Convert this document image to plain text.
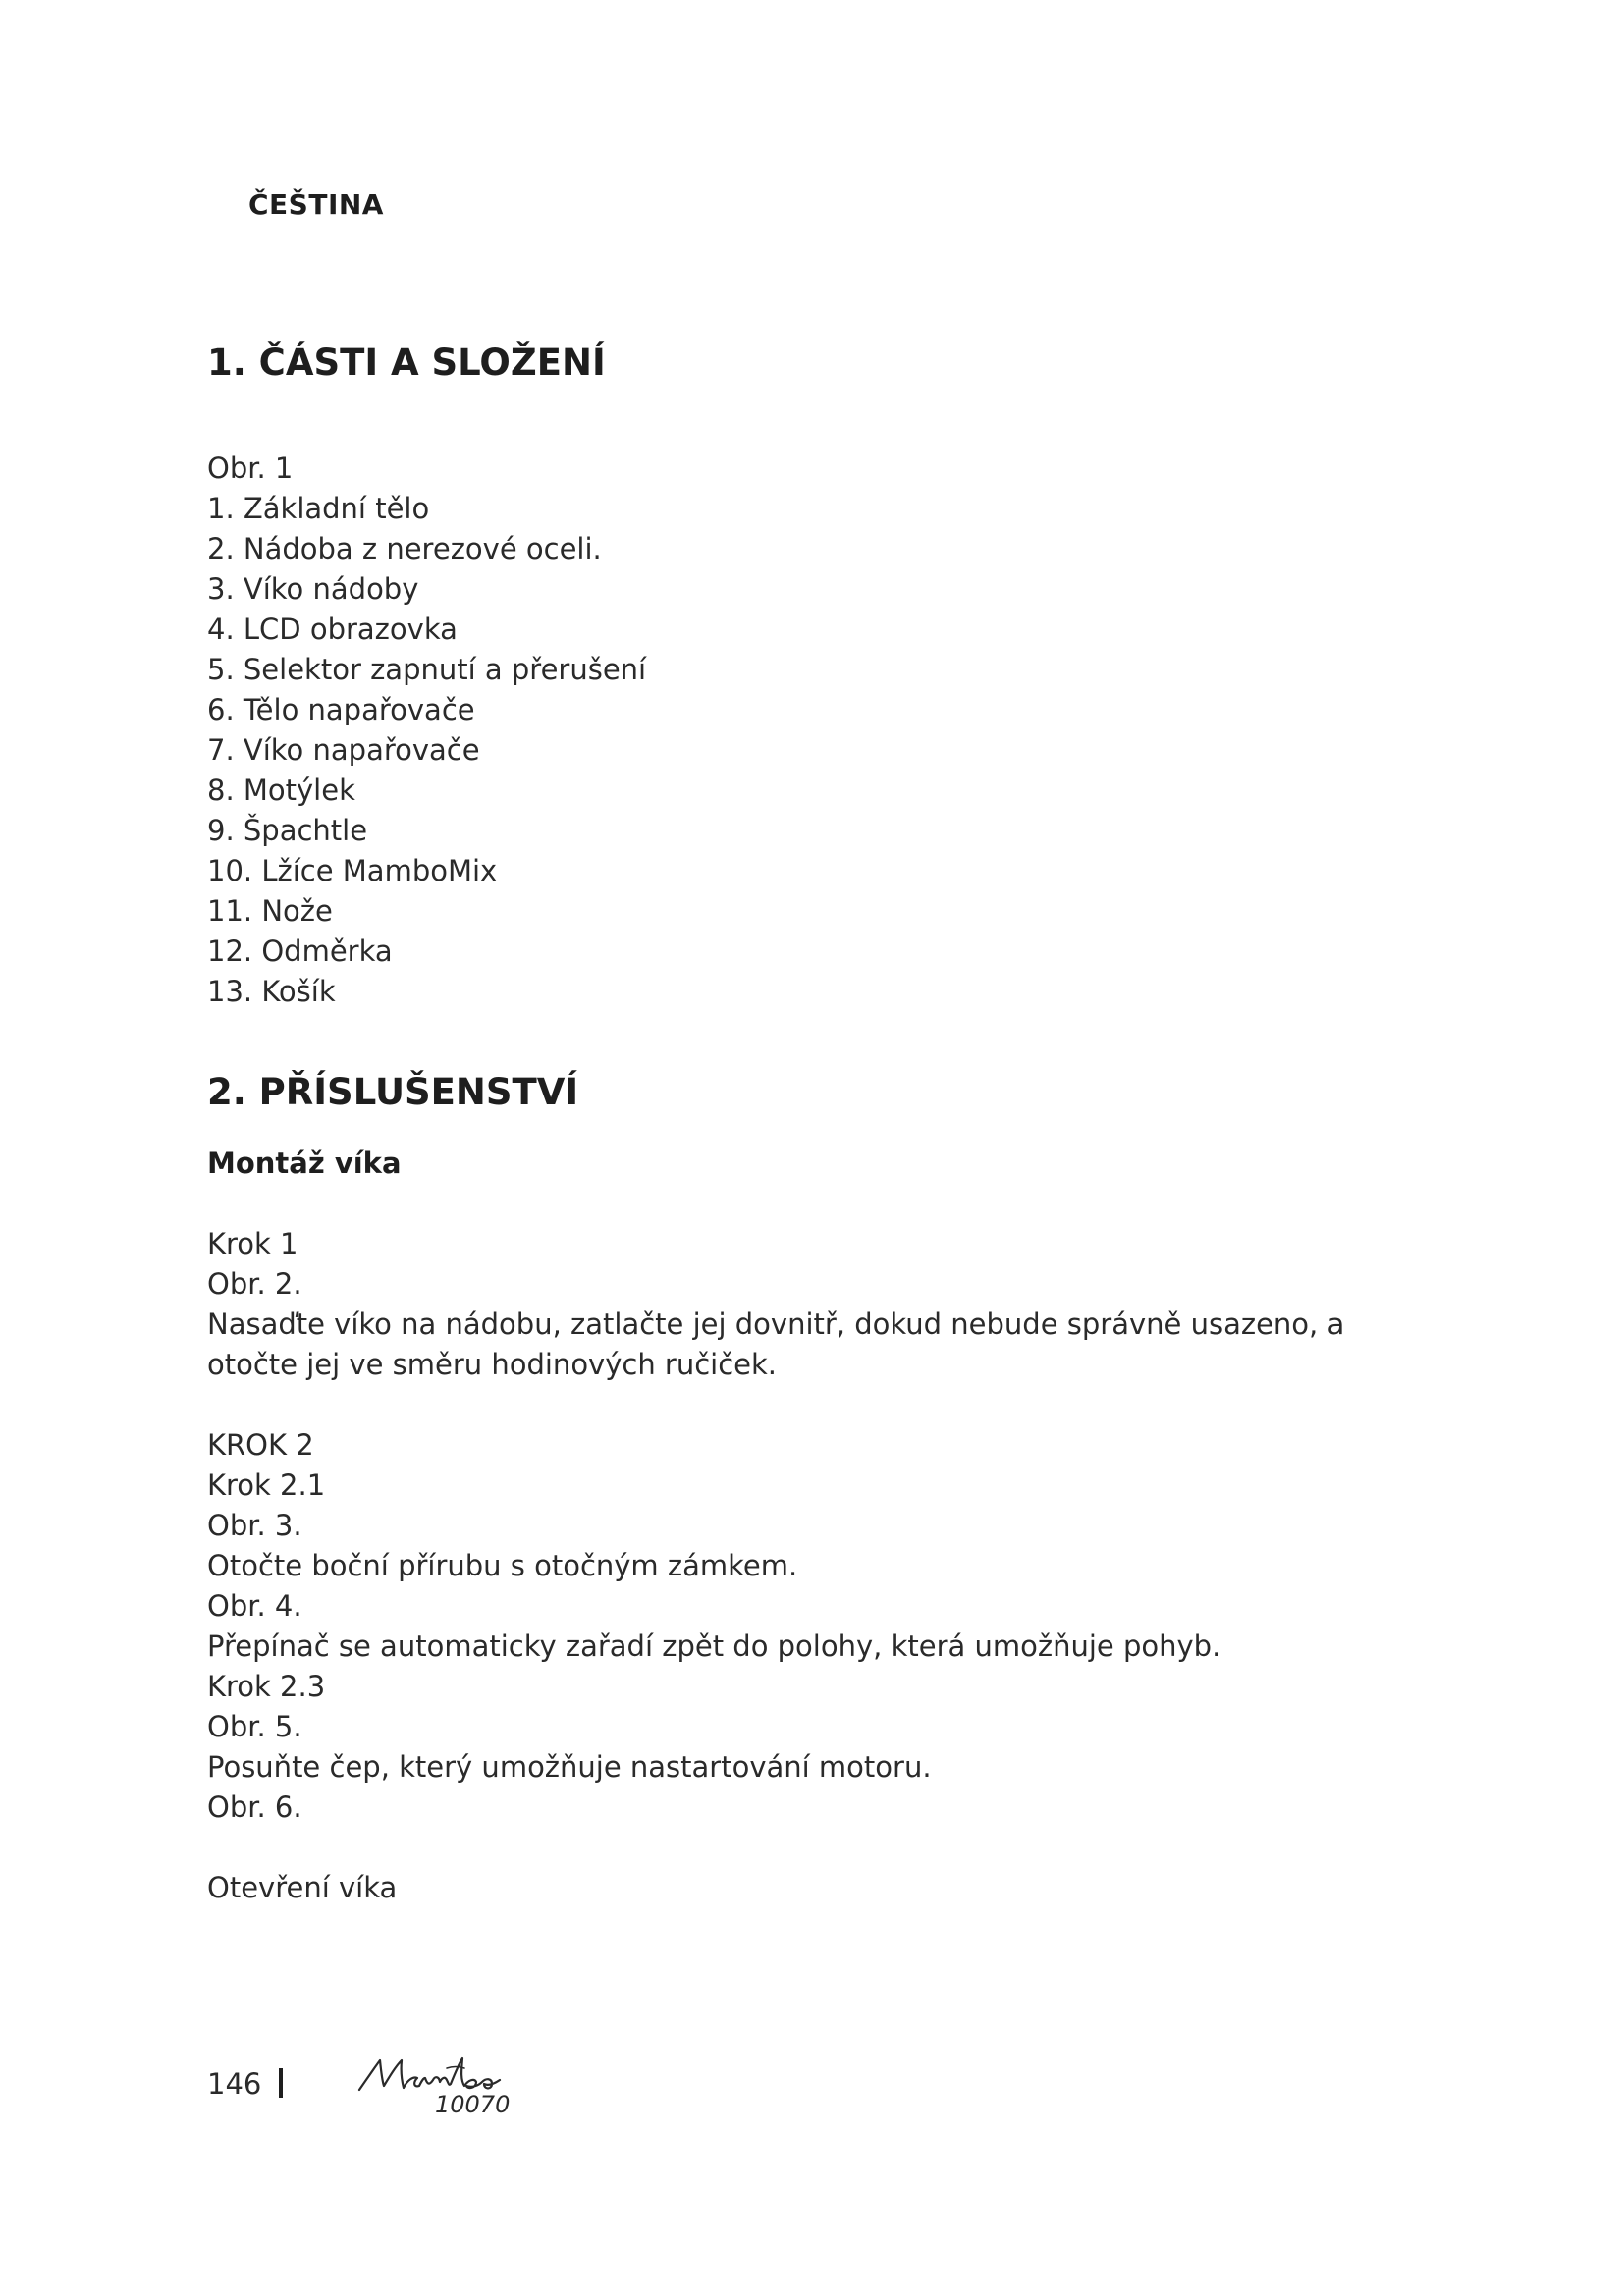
ČEŠTINA
1. ČÁSTI A SLOŽENÍ
Obr. 1
1. Základní tělo
2. Nádoba z nerezové oceli.
3. Víko nádoby
4. LCD obrazovka
5. Selektor zapnutí a přerušení
6. Tělo napařovače
7. Víko napařovače
8. Motýlek
9. Špachtle
10. Lžíce MamboMix
11. Nože
12. Odměrka
13. Košík
2. PŘÍSLUŠENSTVÍ
Montáž víka
Krok 1
Obr. 2.
Nasaďte víko na nádobu, zatlačte jej dovnitř, dokud nebude správně usazeno, a otočte jej ve směru hodinových ručiček.
KROK 2
Krok 2.1
Obr. 3.
Otočte boční přírubu s otočným zámkem.
Obr. 4.
Přepínač se automaticky zařadí zpět do polohy, která umožňuje pohyb.
Krok 2.3
Obr. 5.
Posuňte čep, který umožňuje nastartování motoru.
Obr. 6.
Otevření víka
146
10070
